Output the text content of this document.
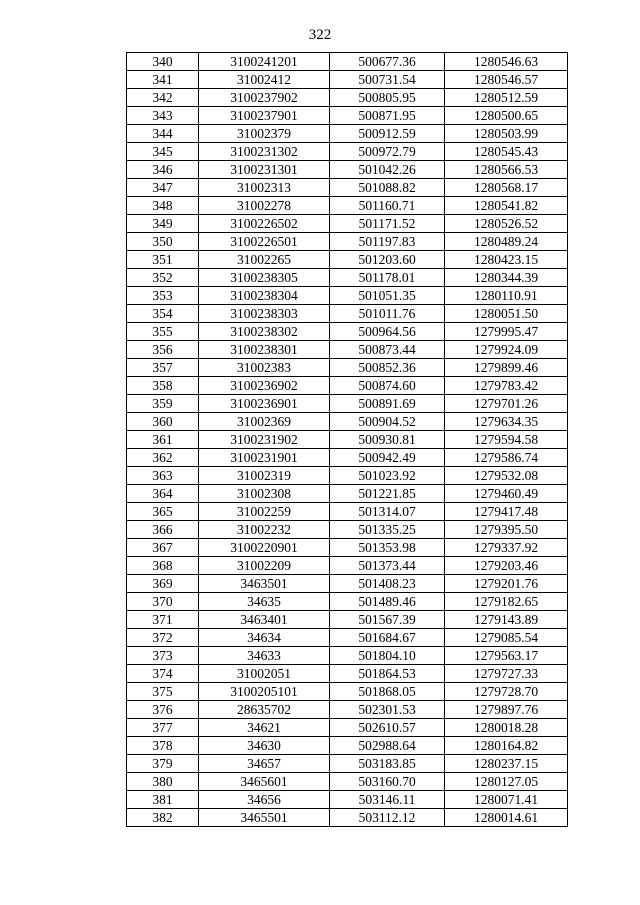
322
340	3100241201	500677.36	1280546.63
341	31002412	500731.54	1280546.57
342	3100237902	500805.95	1280512.59
343	3100237901	500871.95	1280500.65
344	31002379	500912.59	1280503.99
345	3100231302	500972.79	1280545.43
346	3100231301	501042.26	1280566.53
347	31002313	501088.82	1280568.17
348	31002278	501160.71	1280541.82
349	3100226502	501171.52	1280526.52
350	3100226501	501197.83	1280489.24
351	31002265	501203.60	1280423.15
352	3100238305	501178.01	1280344.39
353	3100238304	501051.35	1280110.91
354	3100238303	501011.76	1280051.50
355	3100238302	500964.56	1279995.47
356	3100238301	500873.44	1279924.09
357	31002383	500852.36	1279899.46
358	3100236902	500874.60	1279783.42
359	3100236901	500891.69	1279701.26
360	31002369	500904.52	1279634.35
361	3100231902	500930.81	1279594.58
362	3100231901	500942.49	1279586.74
363	31002319	501023.92	1279532.08
364	31002308	501221.85	1279460.49
365	31002259	501314.07	1279417.48
366	31002232	501335.25	1279395.50
367	3100220901	501353.98	1279337.92
368	31002209	501373.44	1279203.46
369	3463501	501408.23	1279201.76
370	34635	501489.46	1279182.65
371	3463401	501567.39	1279143.89
372	34634	501684.67	1279085.54
373	34633	501804.10	1279563.17
374	31002051	501864.53	1279727.33
375	3100205101	501868.05	1279728.70
376	28635702	502301.53	1279897.76
377	34621	502610.57	1280018.28
378	34630	502988.64	1280164.82
379	34657	503183.85	1280237.15
380	3465601	503160.70	1280127.05
381	34656	503146.11	1280071.41
382	3465501	503112.12	1280014.61
